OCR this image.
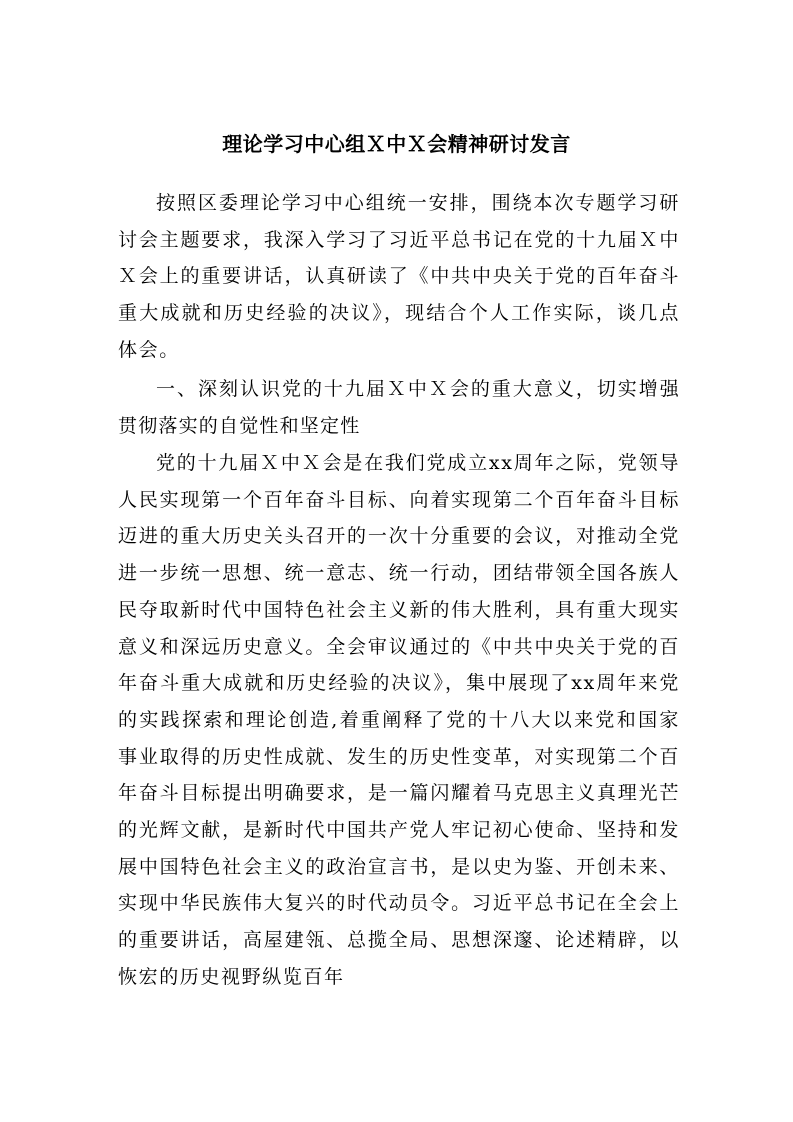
理论学习中心组Ｘ中Ｘ会精神研讨发言

按照区委理论学习中心组统一安排，围绕本次专题学习研讨会主题要求，我深入学习了习近平总书记在党的十九届Ｘ中Ｘ会上的重要讲话，认真研读了《中共中央关于党的百年奋斗重大成就和历史经验的决议》，现结合个人工作实际，谈几点体会。

一、深刻认识党的十九届Ｘ中Ｘ会的重大意义，切实增强贯彻落实的自觉性和坚定性

党的十九届Ｘ中Ｘ会是在我们党成立xx周年之际，党领导人民实现第一个百年奋斗目标、向着实现第二个百年奋斗目标迈进的重大历史关头召开的一次十分重要的会议，对推动全党进一步统一思想、统一意志、统一行动，团结带领全国各族人民夺取新时代中国特色社会主义新的伟大胜利，具有重大现实意义和深远历史意义。全会审议通过的《中共中央关于党的百年奋斗重大成就和历史经验的决议》，集中展现了xx周年来党的实践探索和理论创造,着重阐释了党的十八大以来党和国家事业取得的历史性成就、发生的历史性变革，对实现第二个百年奋斗目标提出明确要求，是一篇闪耀着马克思主义真理光芒的光辉文献，是新时代中国共产党人牢记初心使命、坚持和发展中国特色社会主义的政治宣言书，是以史为鉴、开创未来、实现中华民族伟大复兴的时代动员令。习近平总书记在全会上的重要讲话，高屋建瓴、总揽全局、思想深邃、论述精辟，以恢宏的历史视野纵览百年
